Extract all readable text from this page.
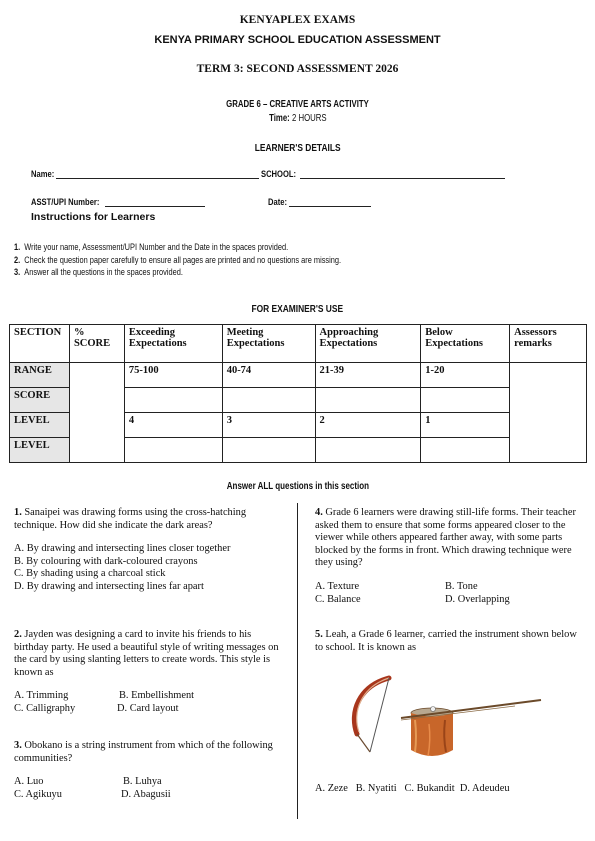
KENYAPLEX EXAMS
KENYA PRIMARY SCHOOL EDUCATION ASSESSMENT
TERM 3: SECOND ASSESSMENT 2026
GRADE 6 – CREATIVE ARTS ACTIVITY
Time: 2 HOURS
LEARNER'S DETAILS
Name:	SCHOOL:
ASST/UPI Number:	Date:
Instructions for Learners
1. Write your name, Assessment/UPI Number and the Date in the spaces provided.
2. Check the question paper carefully to ensure all pages are printed and no questions are missing.
3. Answer all the questions in the spaces provided.
FOR EXAMINER'S USE
SECTION	% SCORE	Exceeding Expectations	Meeting Expectations	Approaching Expectations	Below Expectations	Assessors remarks
RANGE		75-100	40-74	21-39	1-20	
SCORE						
LEVEL		4	3	2	1	
LEVEL						
Answer ALL questions in this section
1. Sanaipei was drawing forms using the cross-hatching technique. How did she indicate the dark areas?
A. By drawing and intersecting lines closer together
B. By colouring with dark-coloured crayons
C. By shading using a charcoal stick
D. By drawing and intersecting lines far apart
2. Jayden was designing a card to invite his friends to his birthday party. He used a beautiful style of writing messages on the card by using slanting letters to create words. This style is known as
A. Trimming	B. Embellishment
C. Calligraphy	D. Card layout
3. Obokano is a string instrument from which of the following communities?
A. Luo	B. Luhya
C. Agikuyu	D. Abagusii
4. Grade 6 learners were drawing still-life forms. Their teacher asked them to ensure that some forms appeared closer to the viewer while others appeared farther away, with some parts blocked by the forms in front. Which drawing technique were they using?
A. Texture	B. Tone
C. Balance	D. Overlapping
5. Leah, a Grade 6 learner, carried the instrument shown below to school. It is known as
A. Zeze B. Nyatiti C. Bukandit D. Adeudeu
